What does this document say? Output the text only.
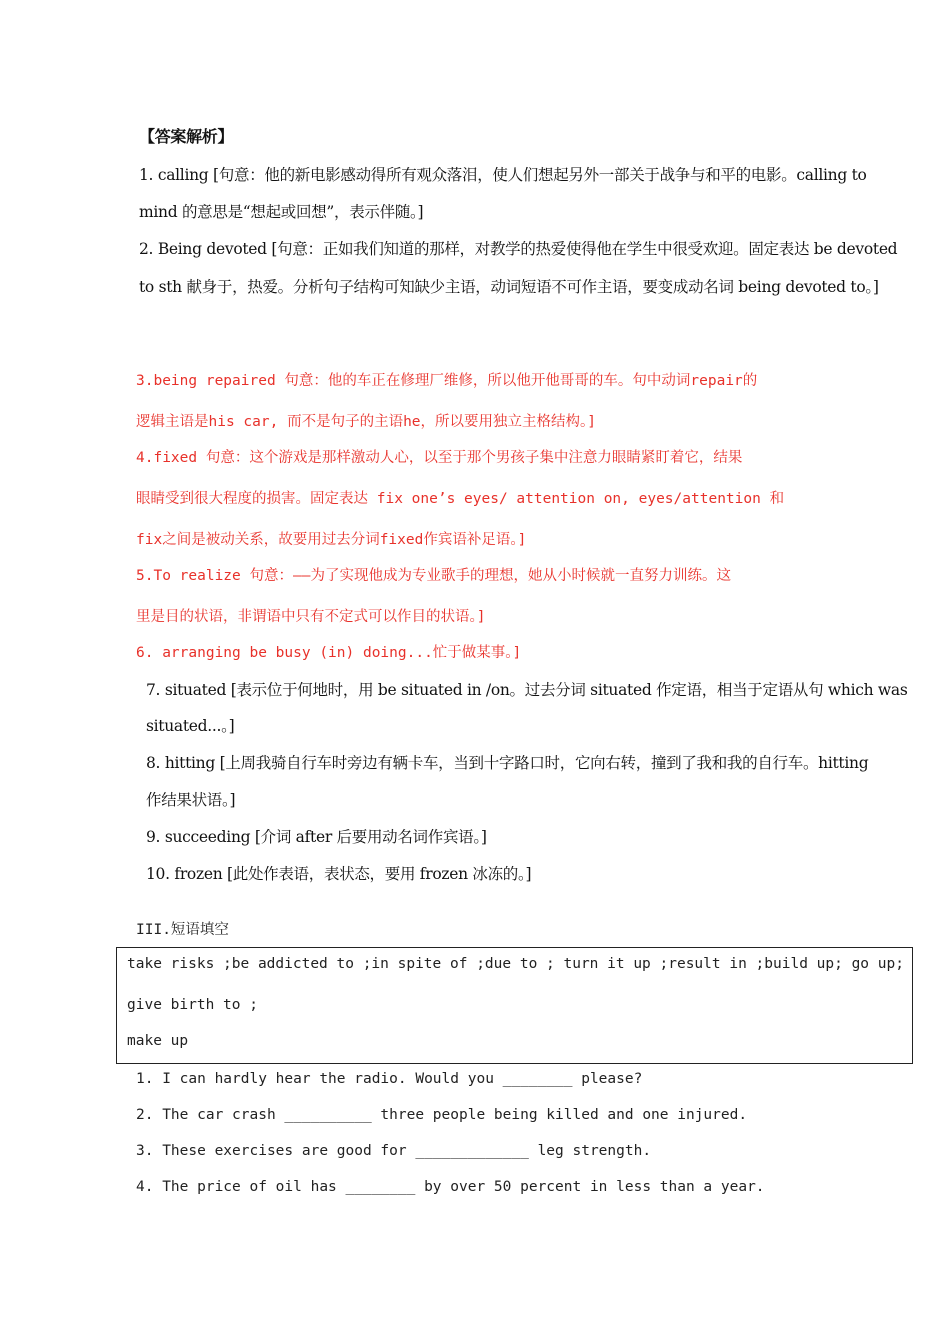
【答案解析】
1. calling [句意：他的新电影感动得所有观众落泪，使人们想起另外一部关于战争与和平的电影。calling to
mind 的意思是“想起或回想”，表示伴随。]
2. Being devoted [句意：正如我们知道的那样，对教学的热爱使得他在学生中很受欢迎。固定表达 be devoted
to sth 献身于，热爱。分析句子结构可知缺少主语，动词短语不可作主语，要变成动名词 being devoted to。]
3.being repaired 句意：他的车正在修理厂维修，所以他开他哥哥的车。句中动词repair的
逻辑主语是his car, 而不是句子的主语he，所以要用独立主格结构。]
4.fixed 句意：这个游戏是那样激动人心，以至于那个男孩子集中注意力眼睛紧盯着它，结果
眼睛受到很大程度的损害。固定表达 fix one’s eyes/ attention on, eyes/attention 和
fix之间是被动关系，故要用过去分词fixed作宾语补足语。]
5.To realize 句意：——为了实现他成为专业歌手的理想，她从小时候就一直努力训练。这
里是目的状语，非谓语中只有不定式可以作目的状语。]
6. arranging be busy (in) doing...忙于做某事。]
7. situated [表示位于何地时，用 be situated in /on。过去分词 situated 作定语，相当于定语从句 which was
situated...。]
8. hitting [上周我骑自行车时旁边有辆卡车，当到十字路口时，它向右转，撞到了我和我的自行车。hitting
作结果状语。]
9. succeeding [介词 after 后要用动名词作宾语。]
10. frozen [此处作表语，表状态，要用 frozen 冰冻的。]
III.短语填空
take risks ;be addicted to ;in spite of ;due to ; turn it up ;result in ;build up; go up;
give birth to ;
make up
1. I can hardly hear the radio. Would you ________ please?
2. The car crash __________ three people being killed and one injured.
3. These exercises are good for _____________ leg strength.
4. The price of oil has ________ by over 50 percent in less than a year.
